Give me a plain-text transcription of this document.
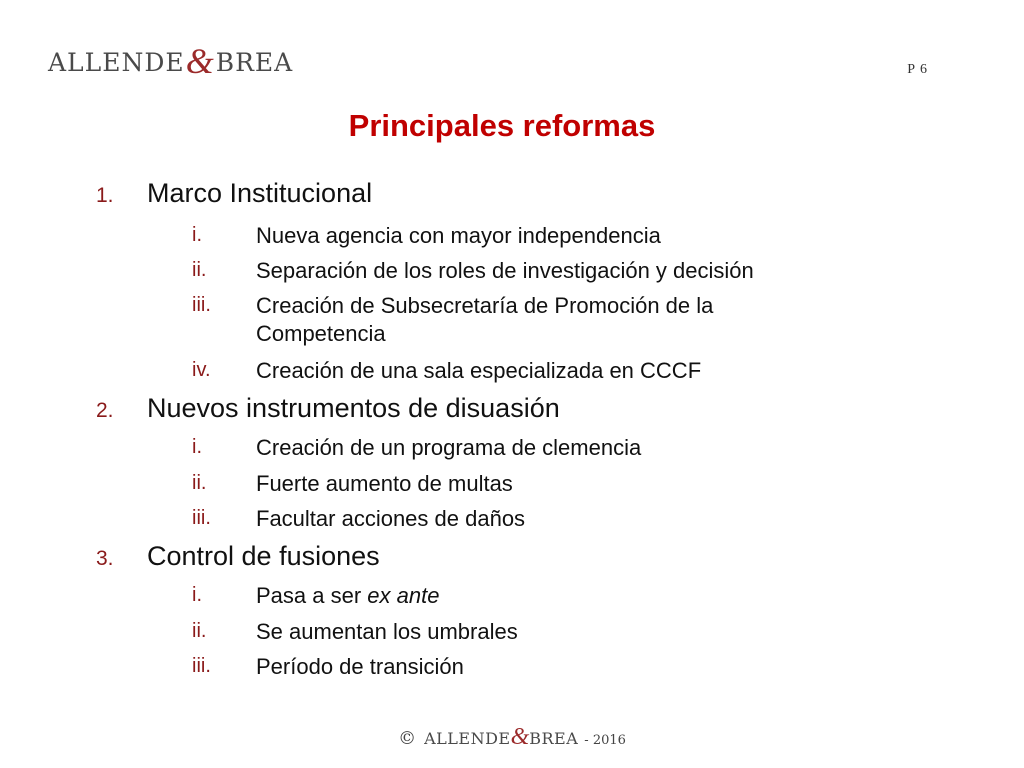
ALLENDE&BREA	P 6
Principales reformas
1. Marco Institucional
i. Nueva agencia con mayor independencia
ii. Separación de los roles de investigación y decisión
iii. Creación de Subsecretaría de Promoción de la
Competencia
iv. Creación de una sala especializada en CCCF
2. Nuevos instrumentos de disuasión
i. Creación de un programa de clemencia
ii. Fuerte aumento de multas
iii. Facultar acciones de daños
3. Control de fusiones
i. Pasa a ser ex ante
ii. Se aumentan los umbrales
iii. Período de transición
© ALLENDE&BREA - 2016
